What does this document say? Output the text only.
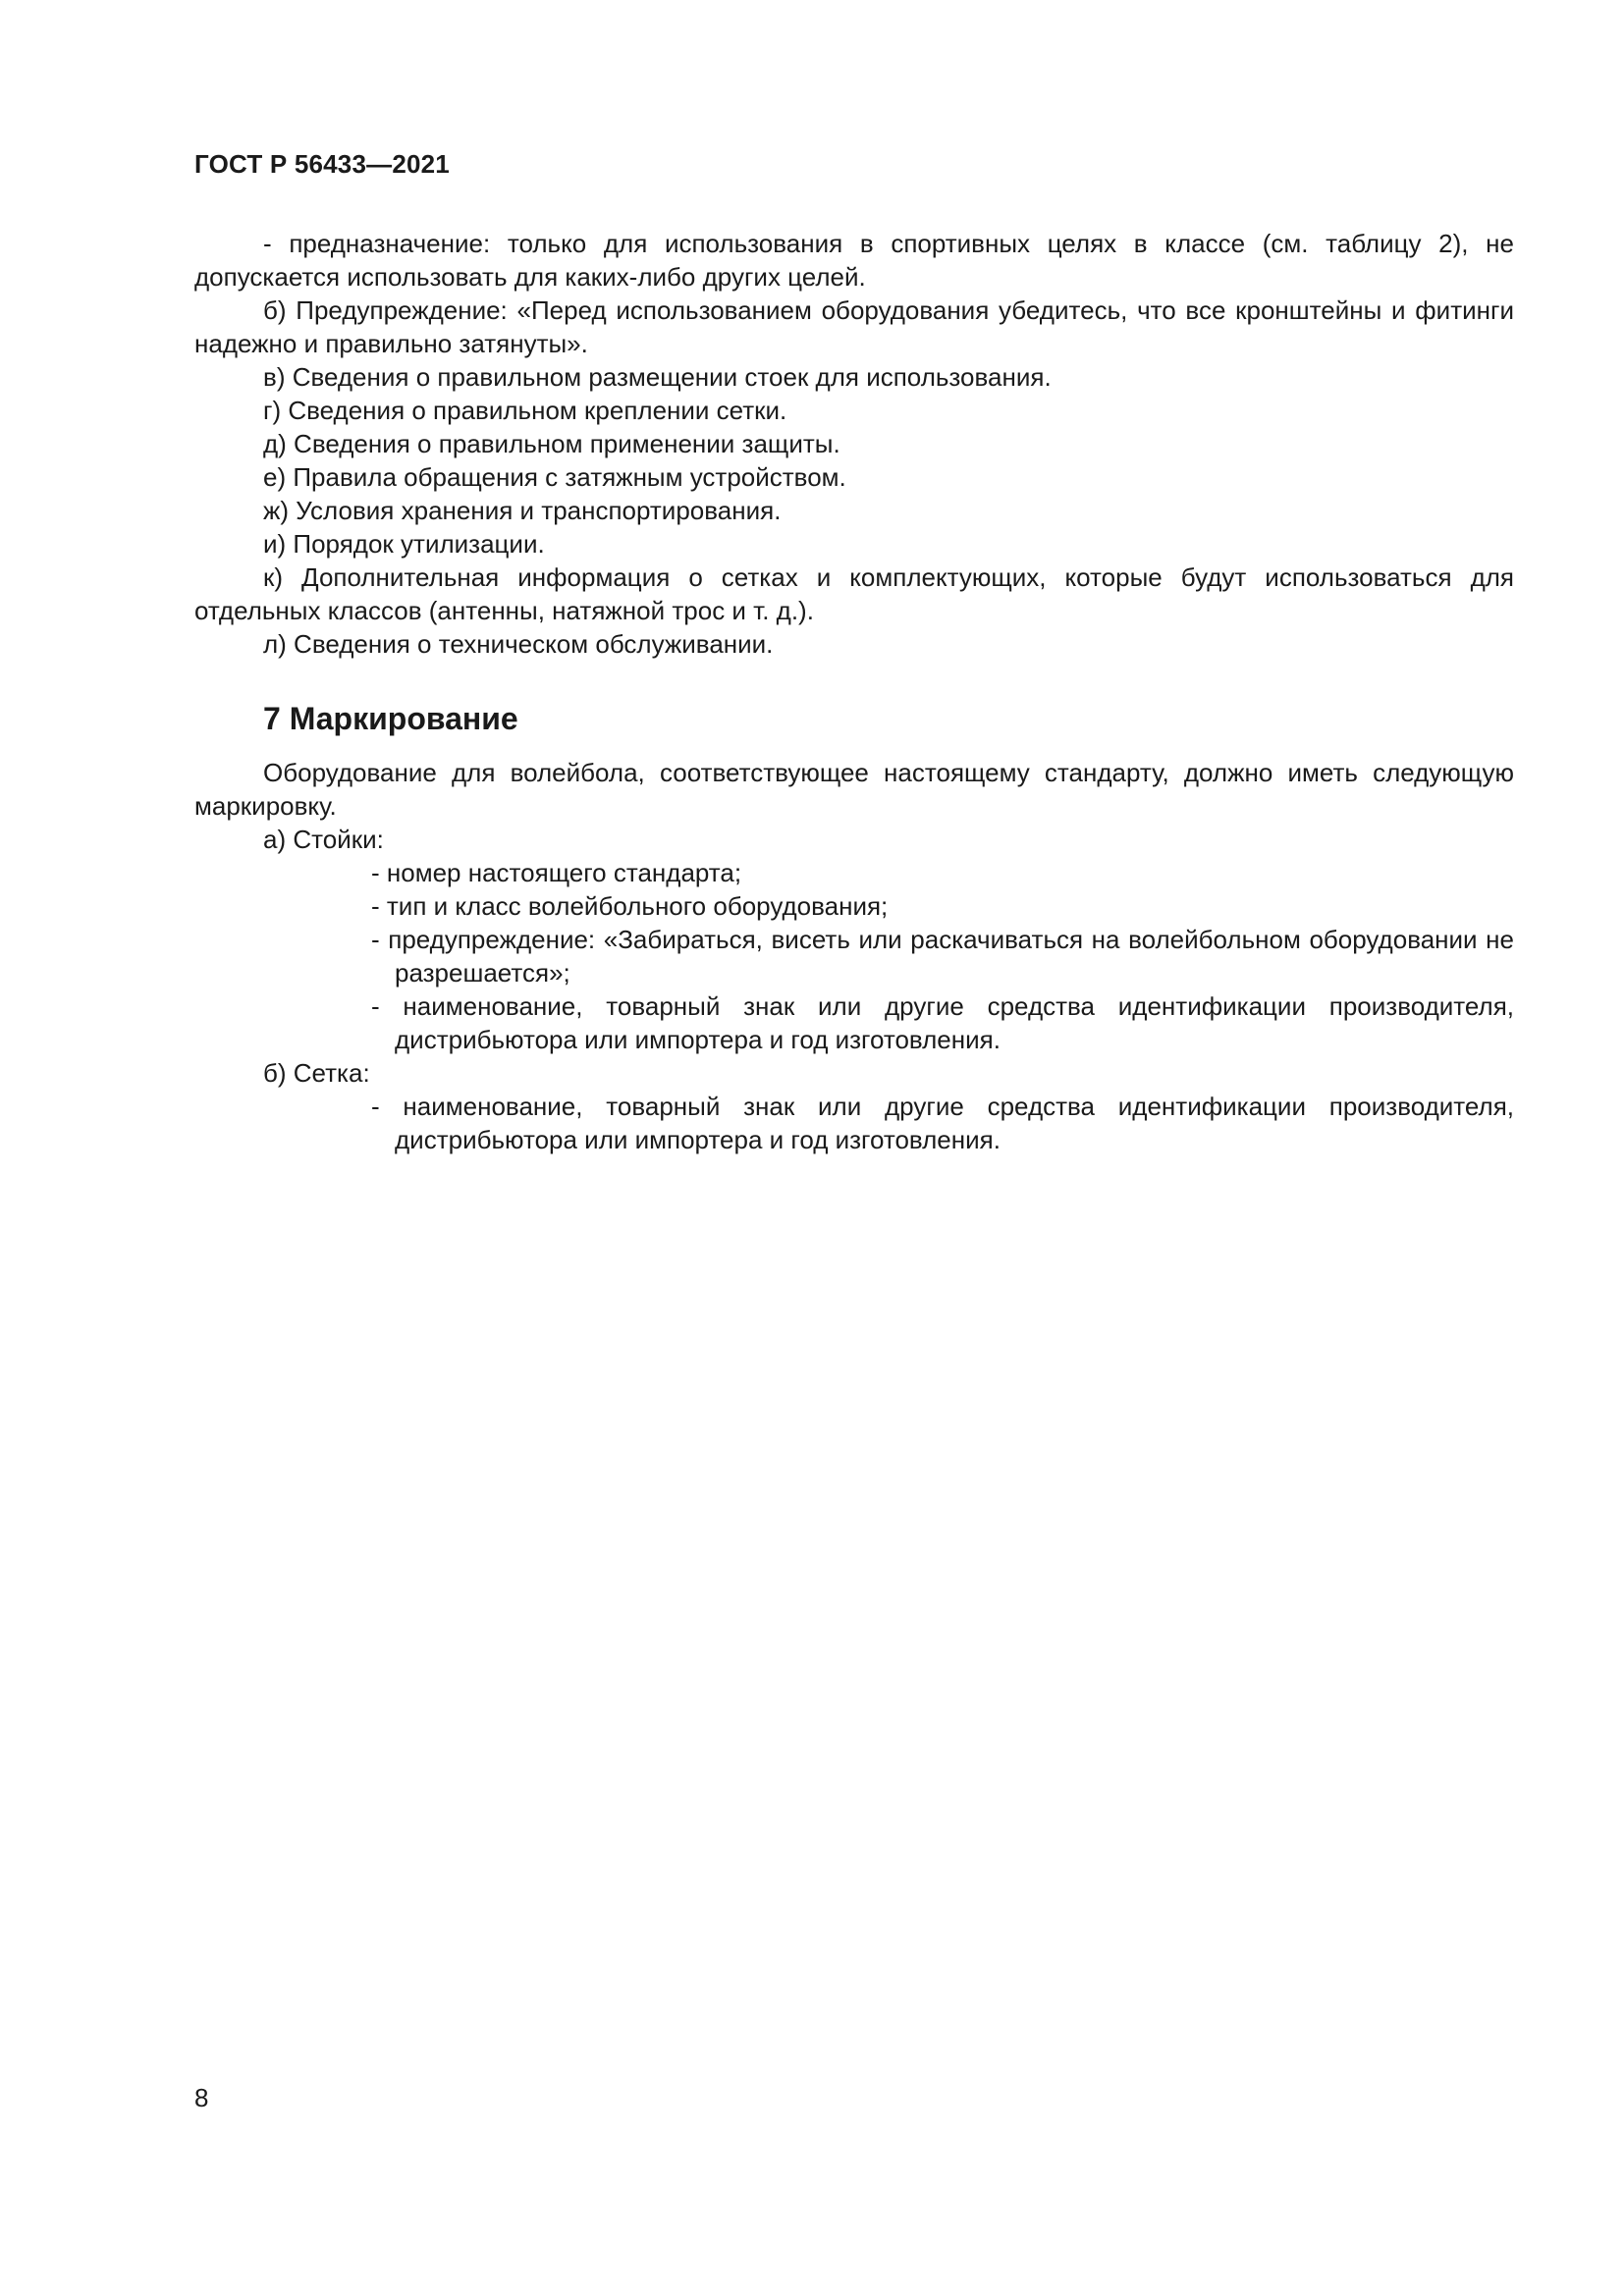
ГОСТ Р 56433—2021

- предназначение: только для использования в спортивных целях в классе (см. таблицу 2), не допускается использовать для каких-либо других целей.

б) Предупреждение: «Перед использованием оборудования убедитесь, что все кронштейны и фитинги надежно и правильно затянуты».

в) Сведения о правильном размещении стоек для использования.

г) Сведения о правильном креплении сетки.

д) Сведения о правильном применении защиты.

е) Правила обращения с затяжным устройством.

ж) Условия хранения и транспортирования.

и) Порядок утилизации.

к) Дополнительная информация о сетках и комплектующих, которые будут использоваться для отдельных классов (антенны, натяжной трос и т. д.).

л) Сведения о техническом обслуживании.

7 Маркирование

Оборудование для волейбола, соответствующее настоящему стандарту, должно иметь следующую маркировку.

а) Стойки:

- номер настоящего стандарта;
- тип и класс волейбольного оборудования;
- предупреждение: «Забираться, висеть или раскачиваться на волейбольном оборудовании не разрешается»;
- наименование, товарный знак или другие средства идентификации производителя, дистрибьютора или импортера и год изготовления.

б) Сетка:

- наименование, товарный знак или другие средства идентификации производителя, дистрибьютора или импортера и год изготовления.
8
